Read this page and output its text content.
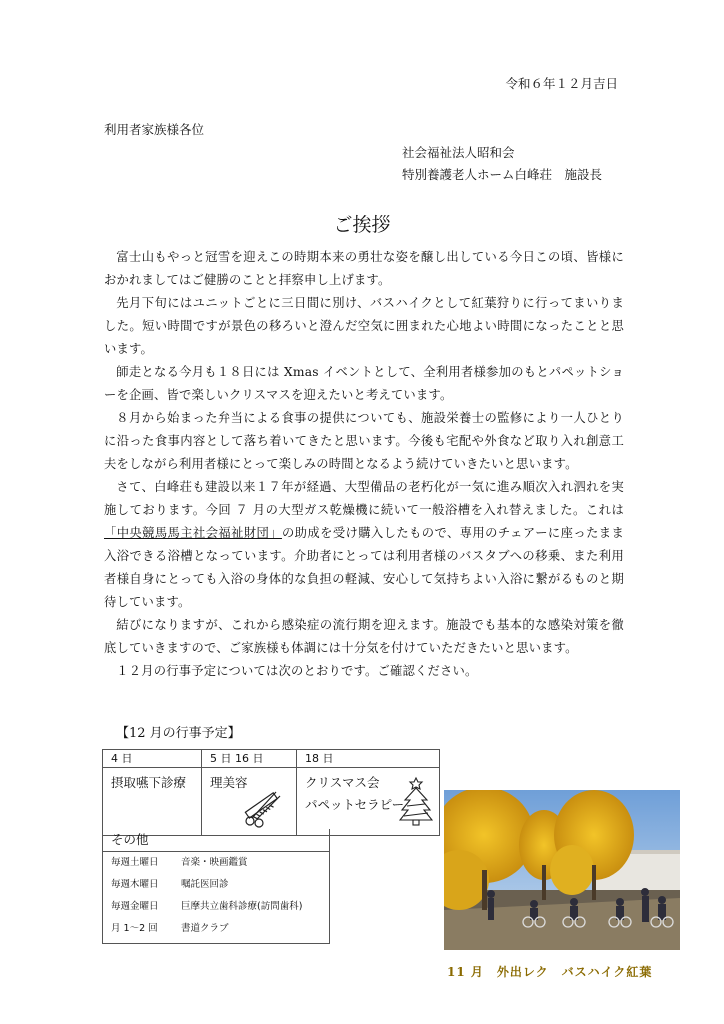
令和６年１２月吉日
利用者家族様各位
社会福祉法人昭和会
特別養護老人ホーム白峰荘　施設長
ご挨拶

富士山もやっと冠雪を迎えこの時期本来の勇壮な姿を醸し出している今日この頃、皆様におかれましてはご健勝のことと拝察申し上げます。

先月下旬にはユニットごとに三日間に別け、バスハイクとして紅葉狩りに行ってまいりました。短い時間ですが景色の移ろいと澄んだ空気に囲まれた心地よい時間になったことと思います。

師走となる今月も１８日には Xmas イベントとして、全利用者様参加のもとパペットショーを企画、皆で楽しいクリスマスを迎えたいと考えています。

８月から始まった弁当による食事の提供についても、施設栄養士の監修により一人ひとりに沿った食事内容として落ち着いてきたと思います。今後も宅配や外食など取り入れ創意工夫をしながら利用者様にとって楽しみの時間となるよう続けていきたいと思います。

さて、白峰荘も建設以来１７年が経過、大型備品の老朽化が一気に進み順次入れ泗れを実施しております。今回 ７ 月の大型ガス乾燥機に続いて一般浴槽を入れ替えました。これは「中央競馬馬主社会福祉財団」の助成を受け購入したもので、専用のチェアーに座ったまま入浴できる浴槽となっています。介助者にとっては利用者様のバスタブへの移乗、また利用者様自身にとっても入浴の身体的な負担の軽減、安心して気持ちよい入浴に繋がるものと期待しています。

結びになりますが、これから感染症の流行期を迎えます。施設でも基本的な感染対策を徹底していきますので、ご家族様も体調には十分気を付けていただきたいと思います。

１２月の行事予定については次のとおりです。ご確認ください。

【12 月の行事予定】
4 日	5 日 16 日	18 日
摂取嚥下診療	理美容	クリスマス会
パペットセラピー
その他
毎週土曜日	音楽・映画鑑賞
毎週木曜日	嘱託医回診
毎週金曜日	巨摩共立歯科診療(訪問歯科)
月 1～2 回	書道クラブ
11 月　外出レク　バスハイク紅葉
